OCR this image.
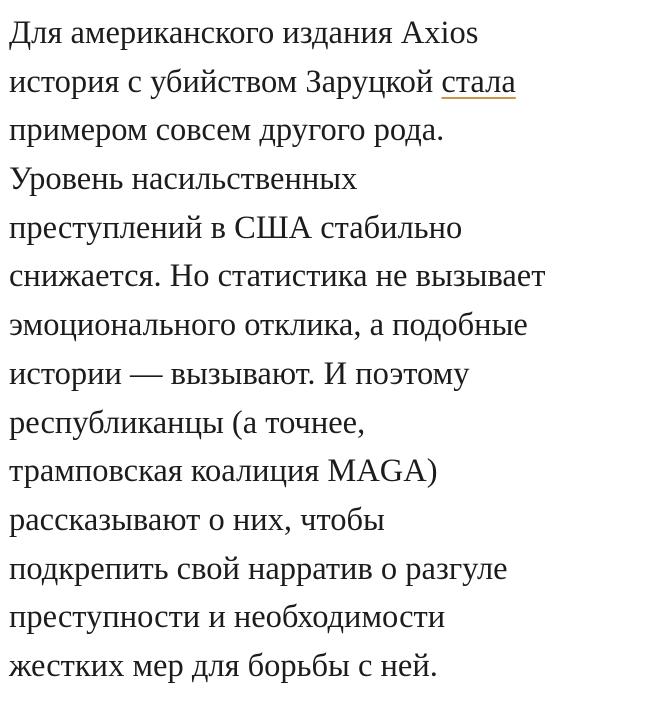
Для американского издания Axios
история с убийством Заруцкой стала
примером совсем другого рода.
Уровень насильственных
преступлений в США стабильно
снижается. Но статистика не вызывает
эмоционального отклика, а подобные
истории — вызывают. И поэтому
республиканцы (а точнее,
трамповская коалиция MAGA)
рассказывают о них, чтобы
подкрепить свой нарратив о разгуле
преступности и необходимости
жестких мер для борьбы с ней.
